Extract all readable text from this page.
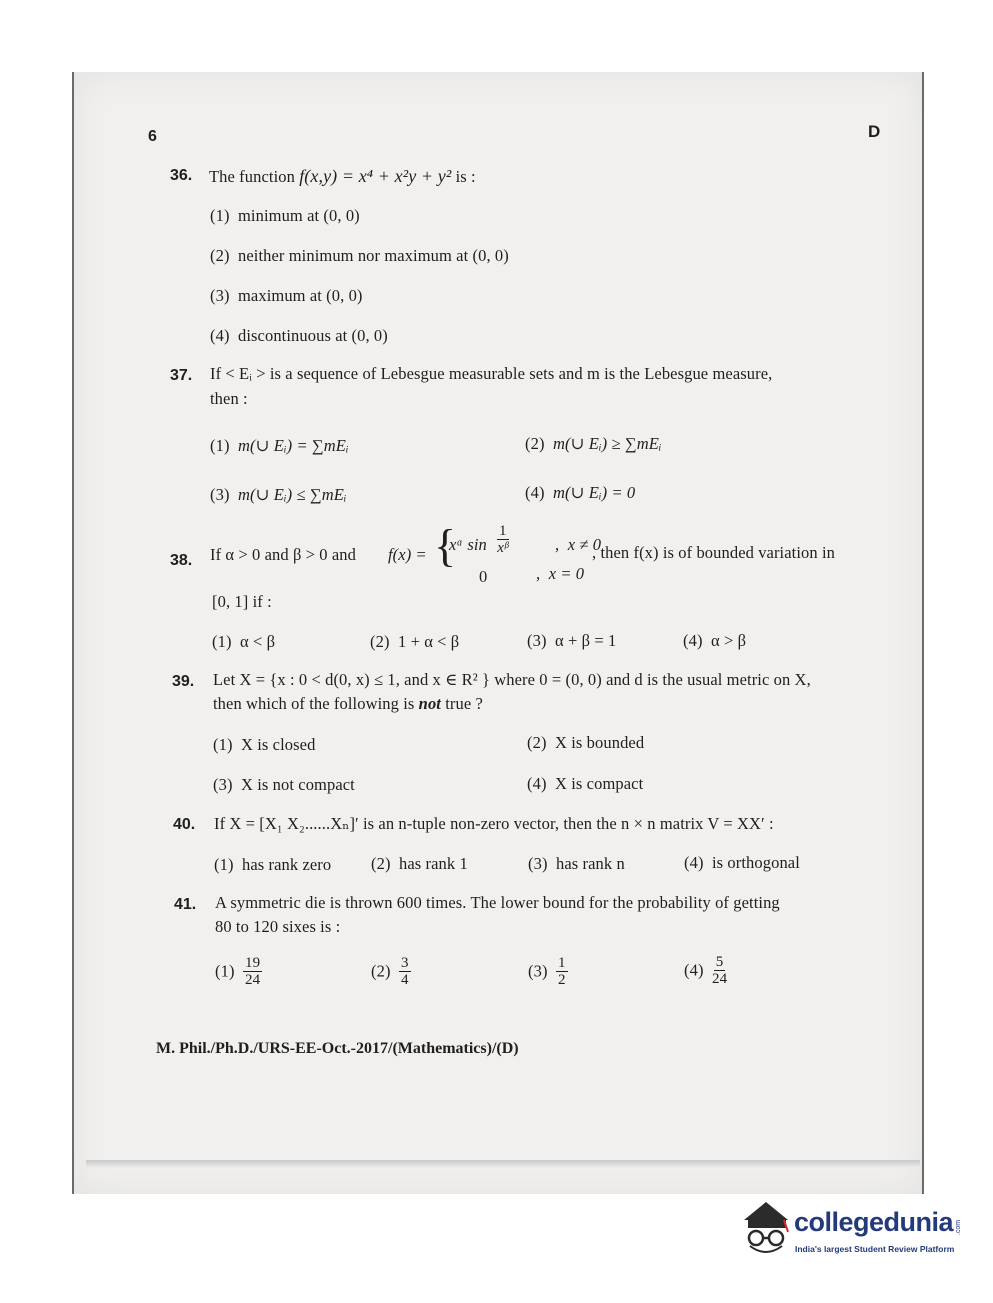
6	D
36. The function f(x,y) = x⁴ + x²y + y² is :
(1) minimum at (0, 0)
(2) neither minimum nor maximum at (0, 0)
(3) maximum at (0, 0)
(4) discontinuous at (0, 0)
37. If < Eᵢ > is a sequence of Lebesgue measurable sets and m is the Lebesgue measure,
then :
(1) m(∪ Eᵢ) = ∑mEᵢ	(2) m(∪ Eᵢ) ≥ ∑mEᵢ
(3) m(∪ Eᵢ) ≤ ∑mEᵢ	(4) m(∪ Eᵢ) = 0
38. If α > 0 and β > 0 and f(x) = {
xᵅ $\sin \frac{1}{\text{xᵝ}}$	,  x ≠ 0
0	,  x = 0
, then f(x) is of bounded variation in
[0, 1] if :
(1) α < β	(2) 1 + α < β	(3) α + β = 1	(4) α > β
39. Let X = {x : 0 < d(0, x) ≤ 1, and x ∈ R² } where 0 = (0, 0) and d is the usual metric on X,
then which of the following is not true ?
(1) X is closed	(2) X is bounded
(3) X is not compact	(4) X is compact
40. If X = [X₁ X₂......Xₙ]′ is an n-tuple non-zero vector, then the n × n matrix V = XX′ :
(1) has rank zero (2) has rank 1	(3) has rank n	(4) is orthogonal
41. A symmetric die is thrown 600 times. The lower bound for the probability of getting
80 to 120 sixes is :
$(1) \frac{19}{24}$	$(2) \frac{3}{4}$	$(3) \frac{1}{2}$	$(4) \frac{5}{24}$
M. Phil./Ph.D./URS-EE-Oct.-2017/(Mathematics)/(D)
collegedunia .com
India's largest Student Review Platform
